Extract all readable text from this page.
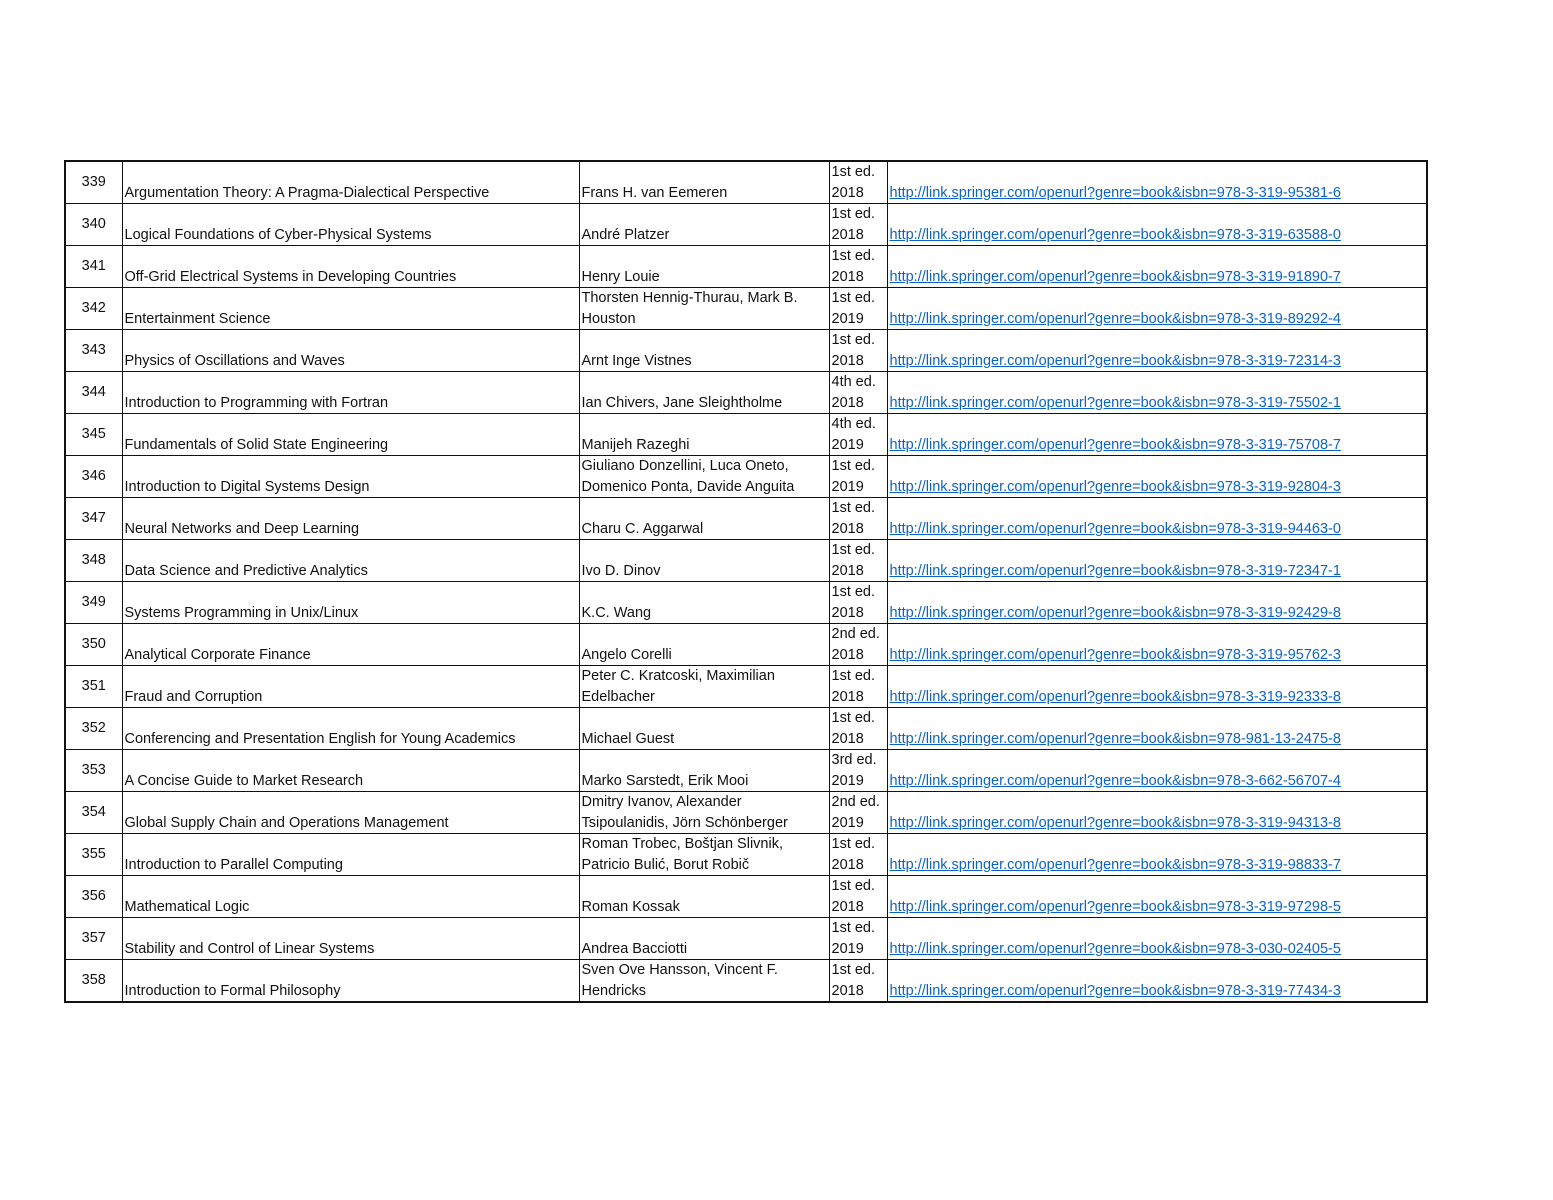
339	Argumentation Theory: A Pragma-Dialectical Perspective	Frans H. van Eemeren	1st ed.
2018	http://link.springer.com/openurl?genre=book&isbn=978-3-319-95381-6
340	Logical Foundations of Cyber-Physical Systems	André Platzer	1st ed.
2018	http://link.springer.com/openurl?genre=book&isbn=978-3-319-63588-0
341	Off-Grid Electrical Systems in Developing Countries	Henry Louie	1st ed.
2018	http://link.springer.com/openurl?genre=book&isbn=978-3-319-91890-7
342	Entertainment Science	Thorsten Hennig-Thurau, Mark B.
Houston	1st ed.
2019	http://link.springer.com/openurl?genre=book&isbn=978-3-319-89292-4
343	Physics of Oscillations and Waves	Arnt Inge Vistnes	1st ed.
2018	http://link.springer.com/openurl?genre=book&isbn=978-3-319-72314-3
344	Introduction to Programming with Fortran	Ian Chivers, Jane Sleightholme	4th ed.
2018	http://link.springer.com/openurl?genre=book&isbn=978-3-319-75502-1
345	Fundamentals of Solid State Engineering	Manijeh Razeghi	4th ed.
2019	http://link.springer.com/openurl?genre=book&isbn=978-3-319-75708-7
346	Introduction to Digital Systems Design	Giuliano Donzellini, Luca Oneto,
Domenico Ponta, Davide Anguita	1st ed.
2019	http://link.springer.com/openurl?genre=book&isbn=978-3-319-92804-3
347	Neural Networks and Deep Learning	Charu C. Aggarwal	1st ed.
2018	http://link.springer.com/openurl?genre=book&isbn=978-3-319-94463-0
348	Data Science and Predictive Analytics	Ivo D. Dinov	1st ed.
2018	http://link.springer.com/openurl?genre=book&isbn=978-3-319-72347-1
349	Systems Programming in Unix/Linux	K.C. Wang	1st ed.
2018	http://link.springer.com/openurl?genre=book&isbn=978-3-319-92429-8
350	Analytical Corporate Finance	Angelo Corelli	2nd ed.
2018	http://link.springer.com/openurl?genre=book&isbn=978-3-319-95762-3
351	Fraud and Corruption	Peter C. Kratcoski, Maximilian
Edelbacher	1st ed.
2018	http://link.springer.com/openurl?genre=book&isbn=978-3-319-92333-8
352	Conferencing and Presentation English for Young Academics	Michael Guest	1st ed.
2018	http://link.springer.com/openurl?genre=book&isbn=978-981-13-2475-8
353	A Concise Guide to Market Research	Marko Sarstedt, Erik Mooi	3rd ed.
2019	http://link.springer.com/openurl?genre=book&isbn=978-3-662-56707-4
354	Global Supply Chain and Operations Management	Dmitry Ivanov, Alexander
Tsipoulanidis, Jörn Schönberger	2nd ed.
2019	http://link.springer.com/openurl?genre=book&isbn=978-3-319-94313-8
355	Introduction to Parallel Computing	Roman Trobec, Boštjan Slivnik,
Patricio Bulić, Borut Robič	1st ed.
2018	http://link.springer.com/openurl?genre=book&isbn=978-3-319-98833-7
356	Mathematical Logic	Roman Kossak	1st ed.
2018	http://link.springer.com/openurl?genre=book&isbn=978-3-319-97298-5
357	Stability and Control of Linear Systems	Andrea Bacciotti	1st ed.
2019	http://link.springer.com/openurl?genre=book&isbn=978-3-030-02405-5
358	Introduction to Formal Philosophy	Sven Ove Hansson, Vincent F.
Hendricks	1st ed.
2018	http://link.springer.com/openurl?genre=book&isbn=978-3-319-77434-3
